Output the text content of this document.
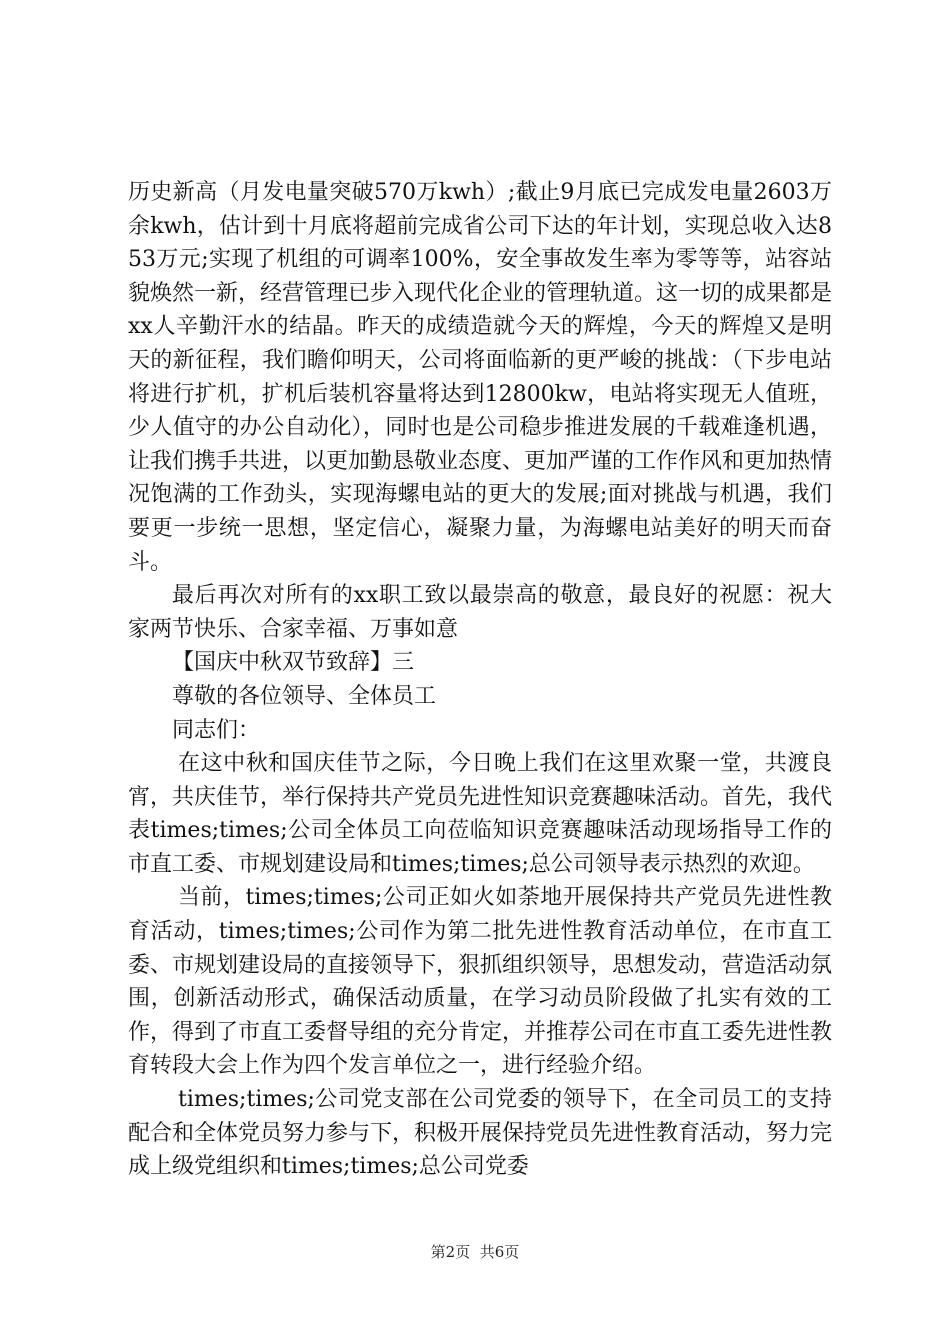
历史新高（月发电量突破570万kwh）;截止9月底已完成发电量2603万余kwh，估计到十月底将超前完成省公司下达的年计划，实现总收入达853万元;实现了机组的可调率100%，安全事故发生率为零等等，站容站貌焕然一新，经营管理已步入现代化企业的管理轨道。这一切的成果都是xx人辛勤汗水的结晶。昨天的成绩造就今天的辉煌，今天的辉煌又是明天的新征程，我们瞻仰明天，公司将面临新的更严峻的挑战：（下步电站将进行扩机，扩机后装机容量将达到12800kw，电站将实现无人值班，少人值守的办公自动化），同时也是公司稳步推进发展的千载难逢机遇，让我们携手共进，以更加勤恳敬业态度、更加严谨的工作作风和更加热情况饱满的工作劲头，实现海螺电站的更大的发展;面对挑战与机遇，我们要更一步统一思想，坚定信心，凝聚力量，为海螺电站美好的明天而奋斗。

最后再次对所有的xx职工致以最崇高的敬意，最良好的祝愿：祝大家两节快乐、合家幸福、万事如意

【国庆中秋双节致辞】三

尊敬的各位领导、全体员工

同志们：

在这中秋和国庆佳节之际，今日晚上我们在这里欢聚一堂，共渡良宵，共庆佳节，举行保持共产党员先进性知识竞赛趣味活动。首先，我代表times;times;公司全体员工向莅临知识竞赛趣味活动现场指导工作的市直工委、市规划建设局和times;times;总公司领导表示热烈的欢迎。

当前，times;times;公司正如火如荼地开展保持共产党员先进性教育活动，times;times;公司作为第二批先进性教育活动单位，在市直工委、市规划建设局的直接领导下，狠抓组织领导，思想发动，营造活动氛围，创新活动形式，确保活动质量，在学习动员阶段做了扎实有效的工作，得到了市直工委督导组的充分肯定，并推荐公司在市直工委先进性教育转段大会上作为四个发言单位之一，进行经验介绍。

times;times;公司党支部在公司党委的领导下，在全司员工的支持配合和全体党员努力参与下，积极开展保持党员先进性教育活动，努力完成上级党组织和times;times;总公司党委

第2页 共6页
